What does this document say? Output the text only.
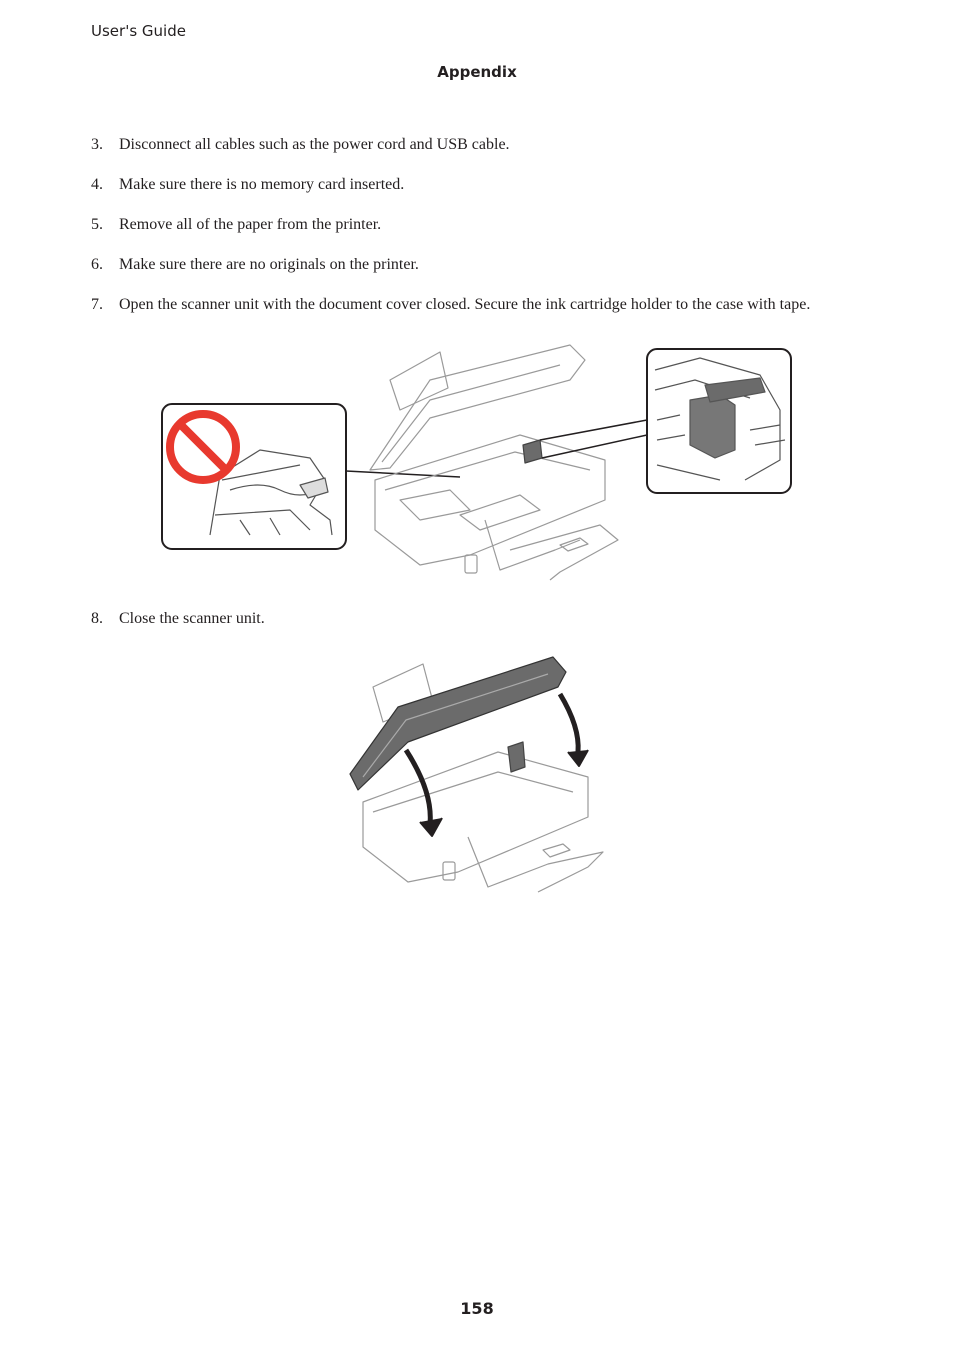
User's Guide
Appendix
3. Disconnect all cables such as the power cord and USB cable.
4. Make sure there is no memory card inserted.
5. Remove all of the paper from the printer.
6. Make sure there are no originals on the printer.
7. Open the scanner unit with the document cover closed. Secure the ink cartridge holder to the case with tape.
8. Close the scanner unit.
158
